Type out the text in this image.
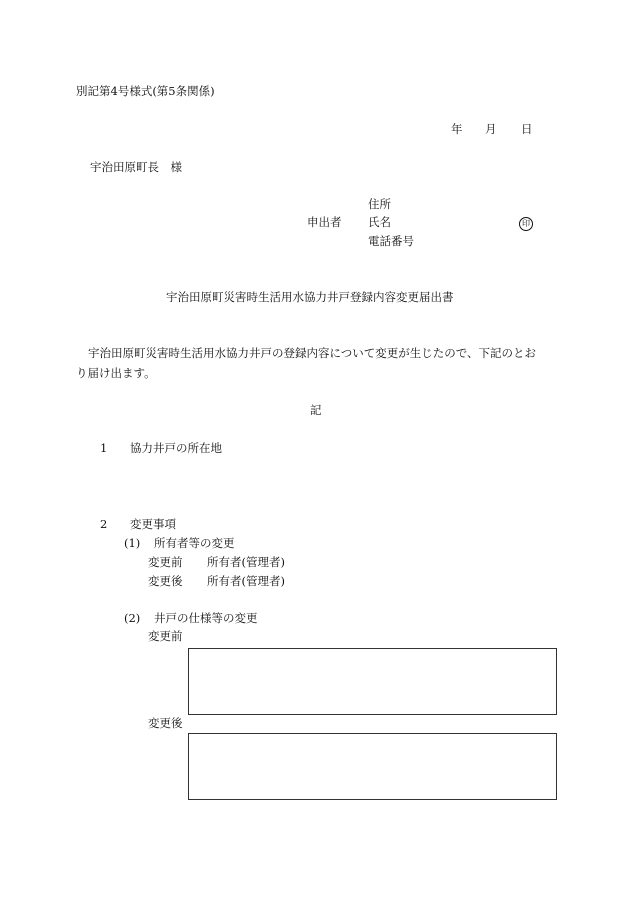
別記第4号様式(第5条関係)
年 月 日
宇治田原町長　様
住所
申出者 氏名	印
電話番号
宇治田原町災害時生活用水協力井戸登録内容変更届出書
宇治田原町災害時生活用水協力井戸の登録内容について変更が生じたので、下記のとお
り届け出ます。
記
1 協力井戸の所在地
2 変更事項
(1) 所有者等の変更
変更前 所有者(管理者)
変更後 所有者(管理者)
(2) 井戸の仕様等の変更
変更前
変更後
